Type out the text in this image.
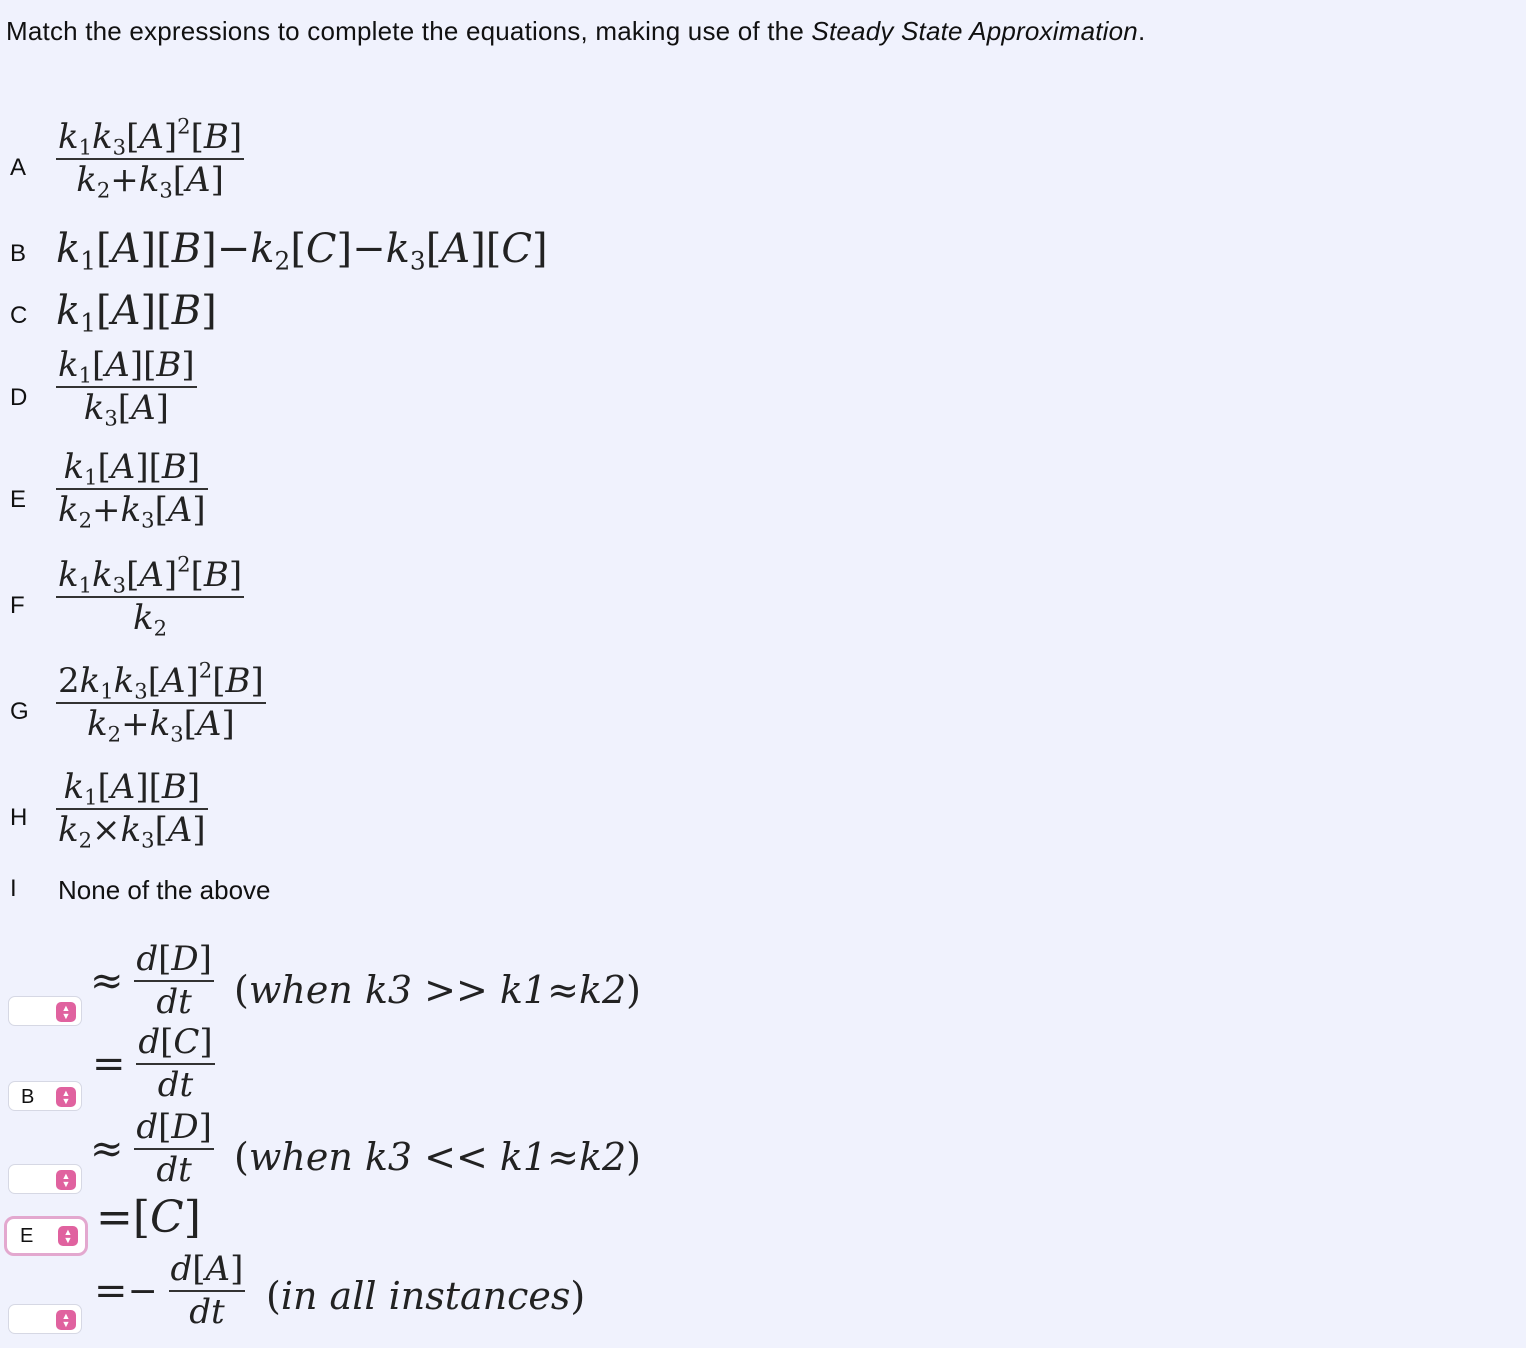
Match the expressions to complete the equations, making use of the Steady State Approximation.
A $\frac{k_1k_3[A]^2[B]}{k_2+k_3[A]}$
B $k_1[A][B]-k_2[C]-k_3[A][C]$
C $k_1[A][B]$
D $\frac{k_1[A][B]}{k_3[A]}$
E $\frac{k_1[A][B]}{k_2+k_3[A]}$
F $\frac{k_1k_3[A]^2[B]}{k_2}$
G $\frac{2k_1k_3[A]^2[B]}{k_2+k_3[A]}$
H $\frac{k_1[A][B]}{k_2\times k_3[A]}$
I None of the above
▲
▼
≈ $\frac{d[D]}{dt}$ (when k3 >> k1≈k2)
B	▲
▼
= $\frac{d[C]}{dt}$
▲
▼
≈ $\frac{d[D]}{dt}$ (when k3 << k1≈k2)
E	▲
▼ =[C]
▲
▼
=− $\frac{d[A]}{dt} (in$ all instances)
